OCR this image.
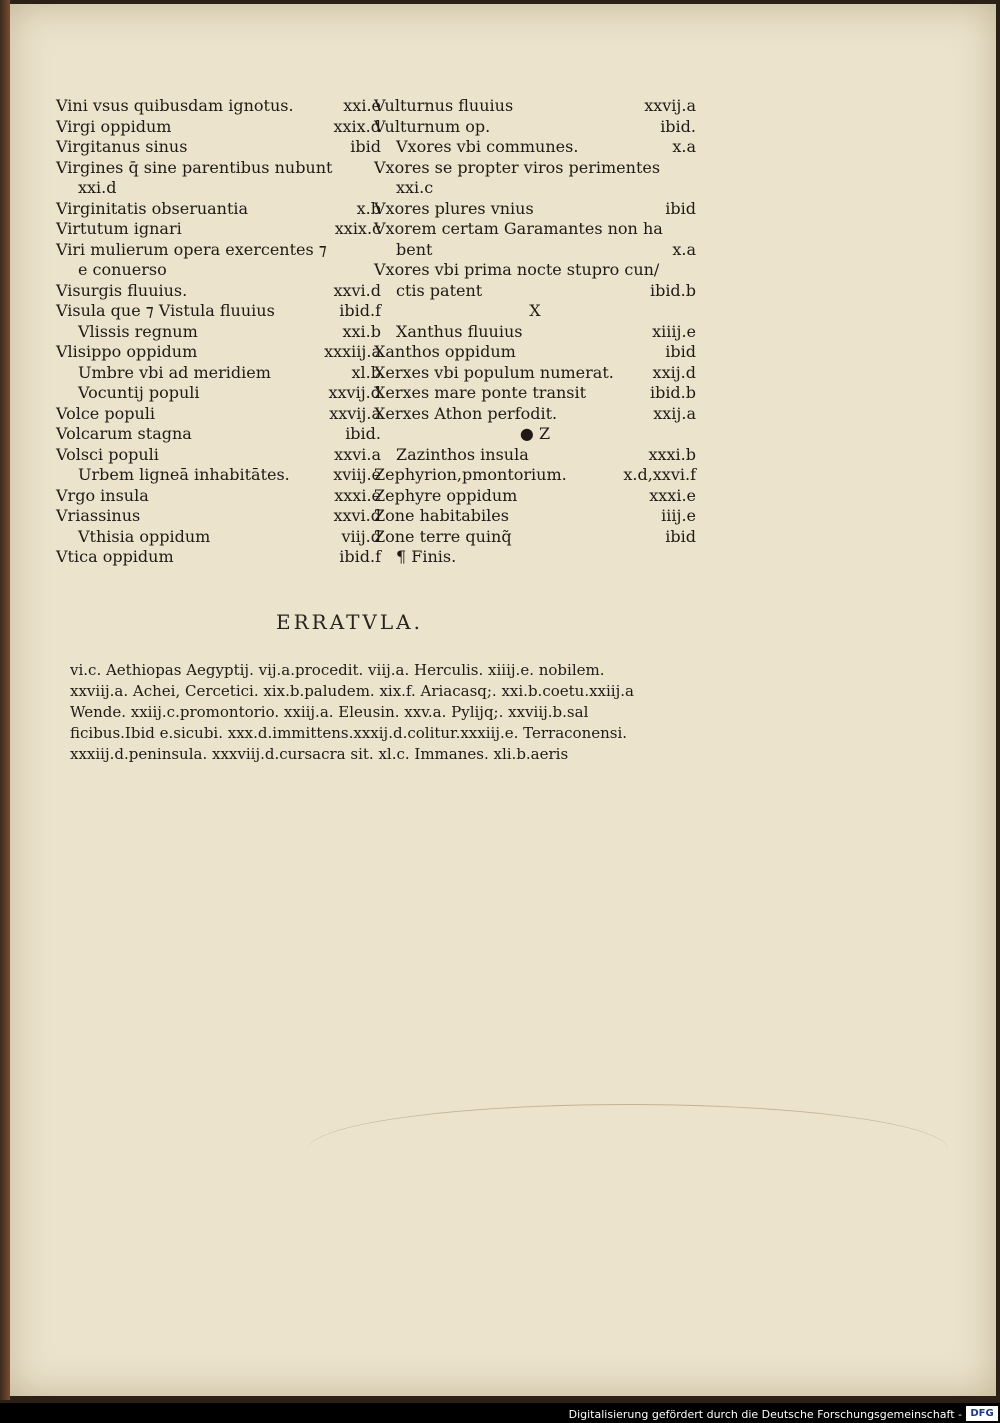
Vini vsus quibusdam ignotus.	xxi.e
Virgi oppidum	xxix.d
Virgitanus sinus	ibid
Virgines q̄ sine parentibus nubunt
xxi.d
Virginitatis obseruantia	x.b
Virtutum ignari	xxix.c
Viri mulierum opera exercentes ⁊
e conuerso
Visurgis fluuius.	xxvi.d
Visula que ⁊ Vistula fluuius	ibid.f
Vlissis regnum	xxi.b
Vlisippo oppidum	xxxiij.a
Umbre vbi ad meridiem	xl.b
Vocuntij populi	xxvij.d
Volce populi	xxvij.a
Volcarum stagna	ibid.
Volsci populi	xxvi.a
Urbem ligneā inhabitātes.	xviij.e
Vrgo insula	xxxi.e
Vriassinus	xxvi.d
Vthisia oppidum	viij.d
Vtica oppidum	ibid.f
Vulturnus fluuius	xxvij.a
Vulturnum op.	ibid.
Vxores vbi communes.	x.a
Vxores se propter viros perimentes
xxi.c
Vxores plures vnius	ibid
Vxorem certam Garamantes non ha
bent	x.a
Vxores vbi prima nocte stupro cun/
ctis patent	ibid.b
X
Xanthus fluuius	xiiij.e
Xanthos oppidum	ibid
Xerxes vbi populum numerat. xxij.d
Xerxes mare ponte transit	ibid.b
Xerxes Athon perfodit.	xxij.a
● Z
Zazinthos insula	xxxi.b
Zephyrion,pmontorium.	x.d,xxvi.f
Zephyre oppidum	xxxi.e
Zone habitabiles	iiij.e
Zone terre quinq̃	ibid
¶ Finis.
ERRATVLA.
vi.c. Aethiopas Aegyptij. vij.a.procedit. viij.a. Herculis. xiiij.e. nobilem.
xxviij.a. Achei, Cercetici. xix.b.paludem. xix.f. Ariacasq;. xxi.b.coetu.xxiij.a
Wende. xxiij.c.promontorio. xxiij.a. Eleusin. xxv.a. Pylijq;. xxviij.b.sal
ficibus.Ibid e.sicubi. xxx.d.immittens.xxxij.d.colitur.xxxiij.e. Terraconensi.
xxxiij.d.peninsula. xxxviij.d.cursacra sit. xl.c. Immanes. xli.b.aeris
Digitalisierung gefördert durch die Deutsche Forschungsgemeinschaft - DFG
